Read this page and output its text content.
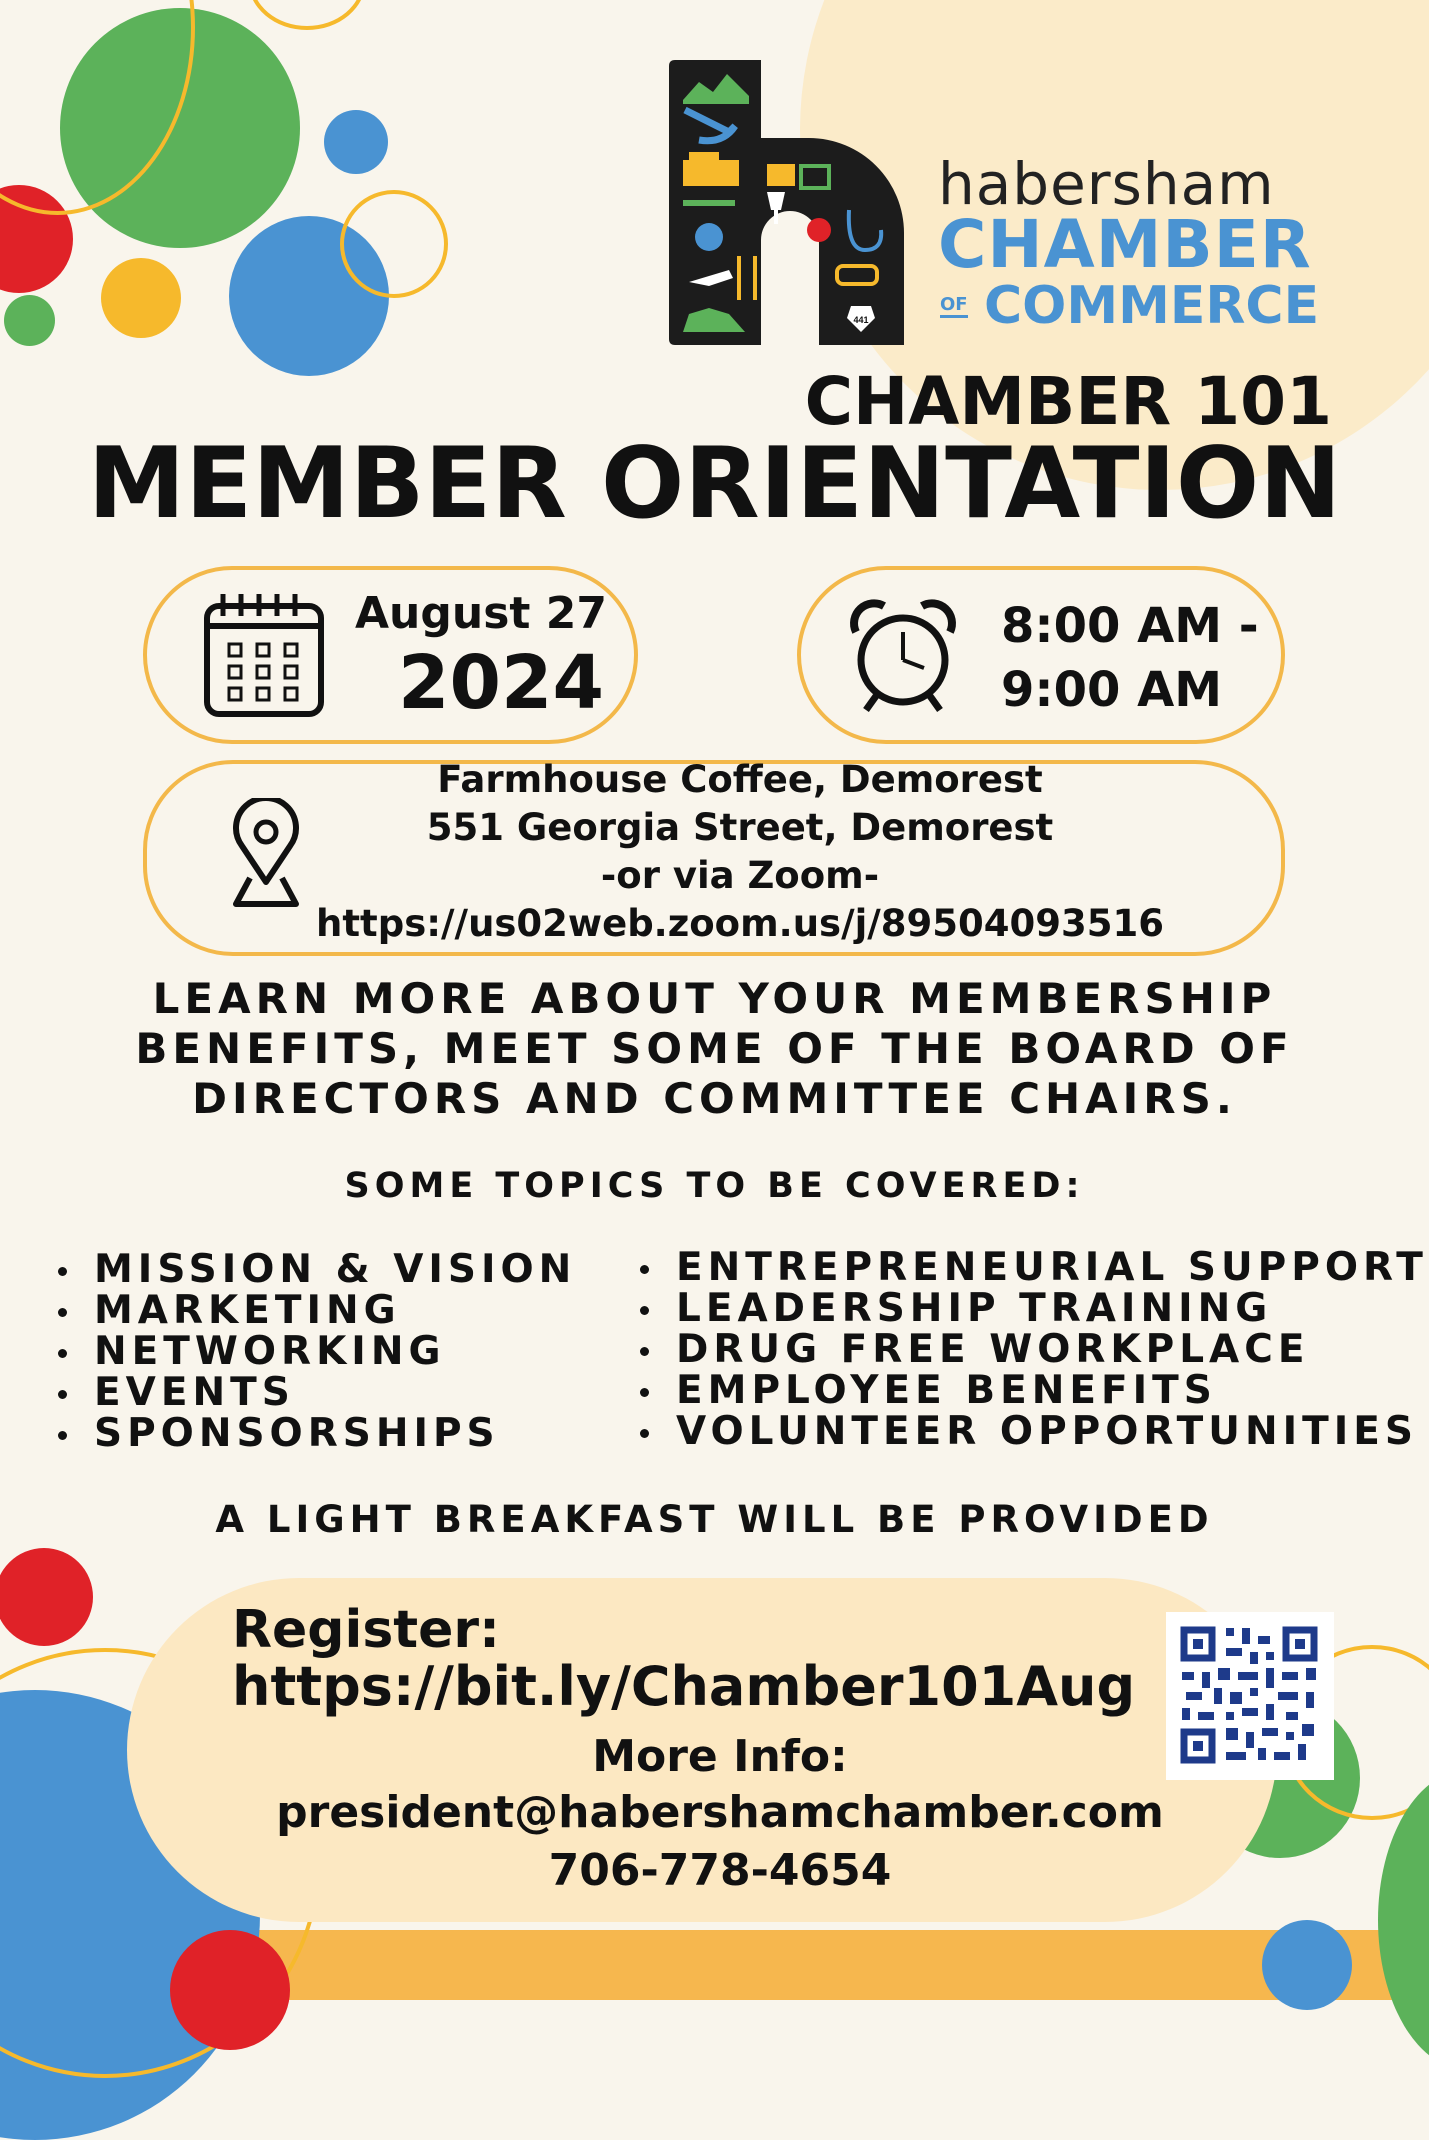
441
habersham
CHAMBER
OF COMMERCE
CHAMBER 101
MEMBER ORIENTATION
August 27
2024
8:00 AM -
9:00 AM
Farmhouse Coffee, Demorest
551 Georgia Street, Demorest
-or via Zoom-
https://us02web.zoom.us/j/89504093516
LEARN MORE ABOUT YOUR MEMBERSHIP
BENEFITS, MEET SOME OF THE BOARD OF
DIRECTORS AND COMMITTEE CHAIRS.
SOME TOPICS TO BE COVERED:
MISSION & VISION
MARKETING
NETWORKING
EVENTS
SPONSORSHIPS
ENTREPRENEURIAL SUPPORT
LEADERSHIP TRAINING
DRUG FREE WORKPLACE
EMPLOYEE BENEFITS
VOLUNTEER OPPORTUNITIES
A LIGHT BREAKFAST WILL BE PROVIDED
Register:
https://bit.ly/Chamber101Aug
More Info:
president@habershamchamber.com
706-778-4654
